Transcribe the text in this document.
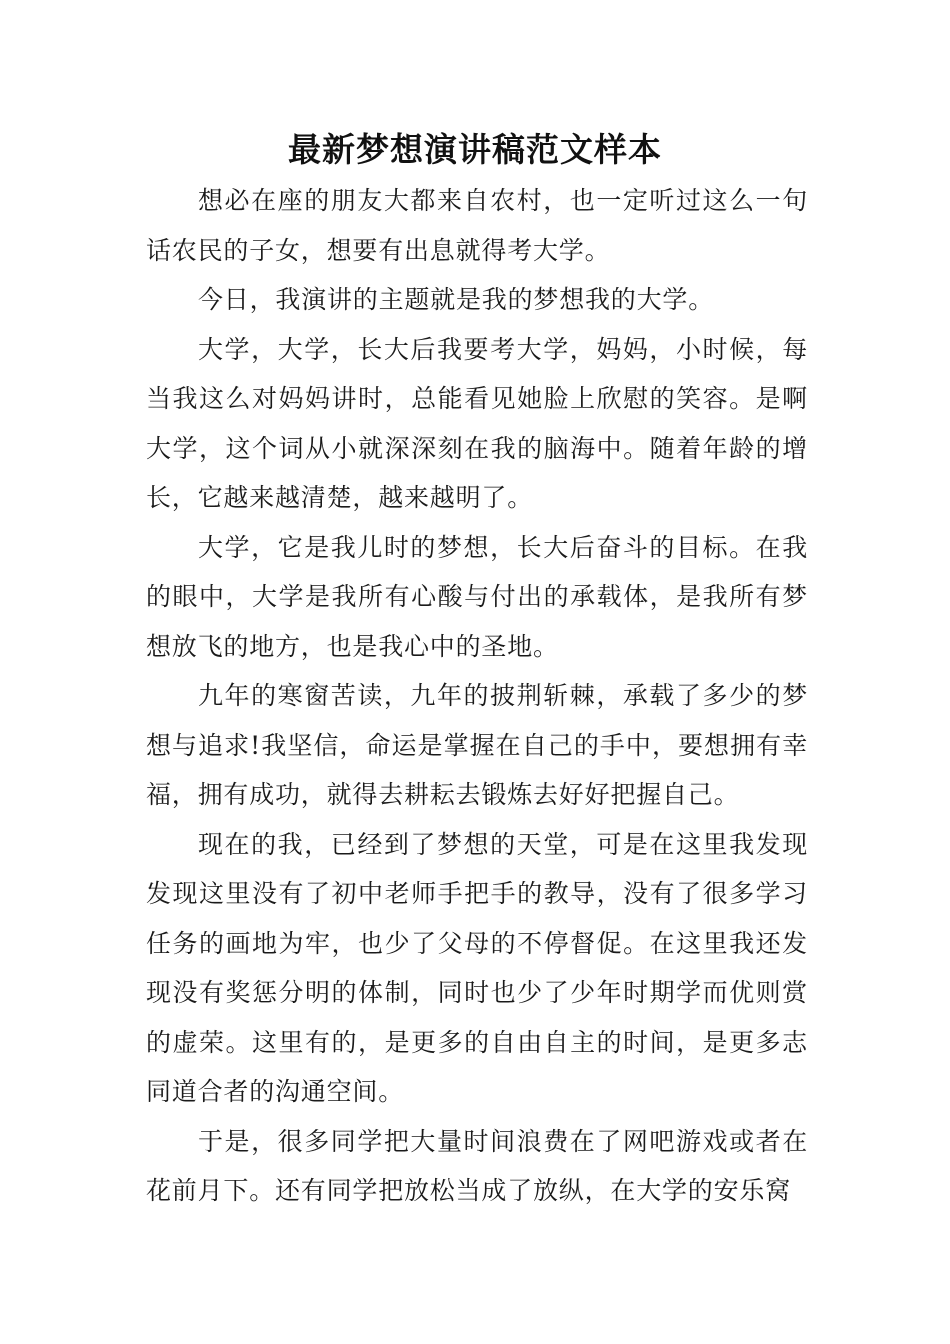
最新梦想演讲稿范文样本

想必在座的朋友大都来自农村，也一定听过这么一句话农民的子女，想要有出息就得考大学。

今日，我演讲的主题就是我的梦想我的大学。

大学，大学，长大后我要考大学，妈妈，小时候，每当我这么对妈妈讲时，总能看见她脸上欣慰的笑容。是啊大学，这个词从小就深深刻在我的脑海中。随着年龄的增长，它越来越清楚，越来越明了。

大学，它是我儿时的梦想，长大后奋斗的目标。在我的眼中，大学是我所有心酸与付出的承载体，是我所有梦想放飞的地方，也是我心中的圣地。

九年的寒窗苦读，九年的披荆斩棘，承载了多少的梦想与追求!我坚信，命运是掌握在自己的手中，要想拥有幸福，拥有成功，就得去耕耘去锻炼去好好把握自己。

现在的我，已经到了梦想的天堂，可是在这里我发现发现这里没有了初中老师手把手的教导，没有了很多学习任务的画地为牢，也少了父母的不停督促。在这里我还发现没有奖惩分明的体制，同时也少了少年时期学而优则赏的虚荣。这里有的，是更多的自由自主的时间，是更多志同道合者的沟通空间。

于是，很多同学把大量时间浪费在了网吧游戏或者在花前月下。还有同学把放松当成了放纵，在大学的安乐窝
